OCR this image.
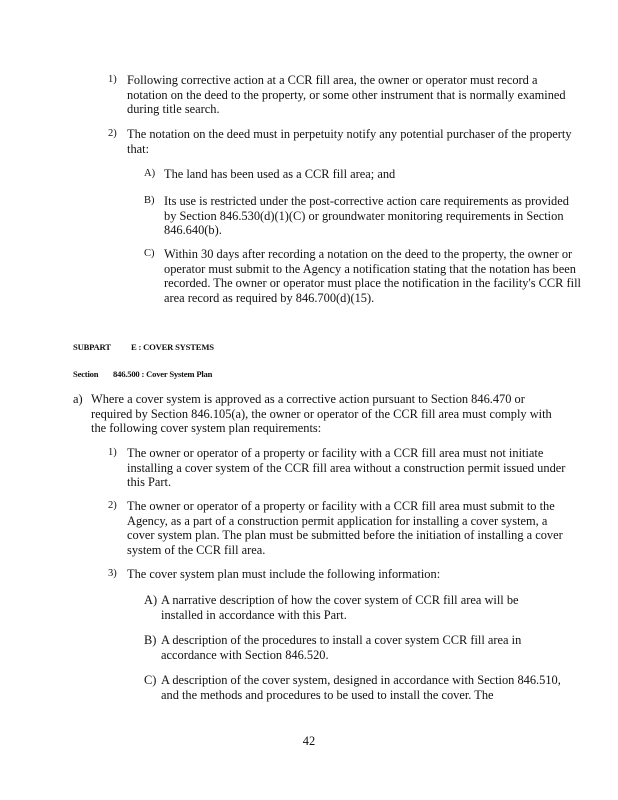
1) Following corrective action at a CCR fill area, the owner or operator must record a notation on the deed to the property, or some other instrument that is normally examined during title search.
2) The notation on the deed must in perpetuity notify any potential purchaser of the property that:
A) The land has been used as a CCR fill area; and
B) Its use is restricted under the post-corrective action care requirements as provided by Section 846.530(d)(1)(C) or groundwater monitoring requirements in Section 846.640(b).
C) Within 30 days after recording a notation on the deed to the property, the owner or operator must submit to the Agency a notification stating that the notation has been recorded. The owner or operator must place the notification in the facility's CCR fill area record as required by 846.700(d)(15).
SUBPART E : COVER SYSTEMS
Section 846.500 : Cover System Plan
a) Where a cover system is approved as a corrective action pursuant to Section 846.470 or required by Section 846.105(a), the owner or operator of the CCR fill area must comply with the following cover system plan requirements:
1) The owner or operator of a property or facility with a CCR fill area must not initiate installing a cover system of the CCR fill area without a construction permit issued under this Part.
2) The owner or operator of a property or facility with a CCR fill area must submit to the Agency, as a part of a construction permit application for installing a cover system, a cover system plan. The plan must be submitted before the initiation of installing a cover system of the CCR fill area.
3) The cover system plan must include the following information:
A) A narrative description of how the cover system of CCR fill area will be installed in accordance with this Part.
B) A description of the procedures to install a cover system CCR fill area in accordance with Section 846.520.
C) A description of the cover system, designed in accordance with Section 846.510, and the methods and procedures to be used to install the cover. The
42
